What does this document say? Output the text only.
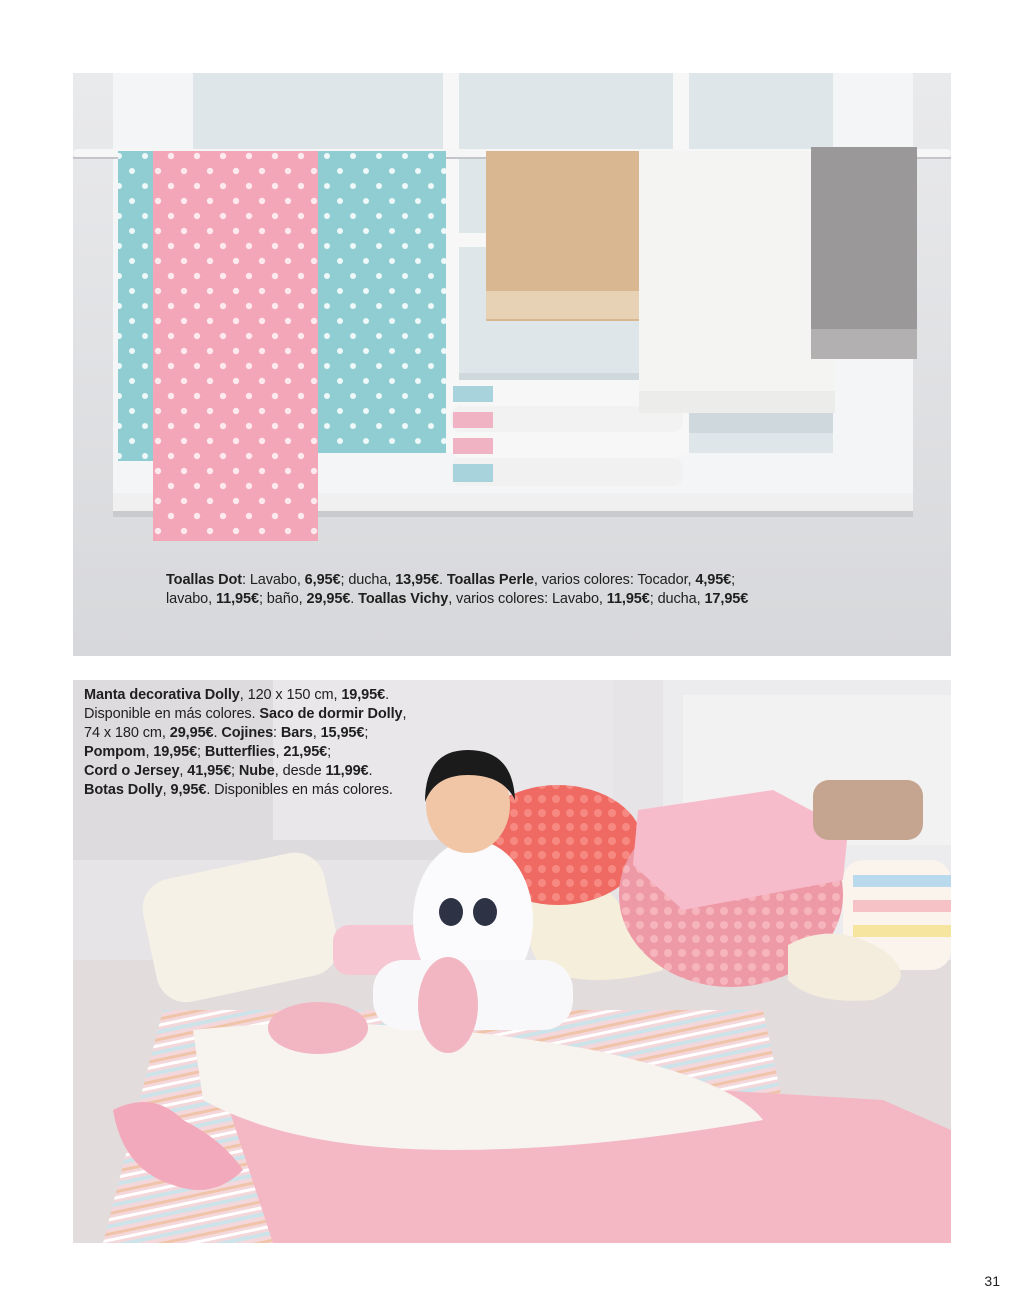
Toallas Dot: Lavabo, 6,95€; ducha, 13,95€. Toallas Perle, varios colores: Tocador, 4,95€;
lavabo, 11,95€; baño, 29,95€. Toallas Vichy, varios colores: Lavabo, 11,95€; ducha, 17,95€
Manta decorativa Dolly, 120 x 150 cm, 19,95€.
Disponible en más colores. Saco de dormir Dolly,
74 x 180 cm, 29,95€. Cojines: Bars, 15,95€;
Pompom, 19,95€; Butterflies, 21,95€;
Cord o Jersey, 41,95€; Nube, desde 11,99€.
Botas Dolly, 9,95€. Disponibles en más colores.
31
